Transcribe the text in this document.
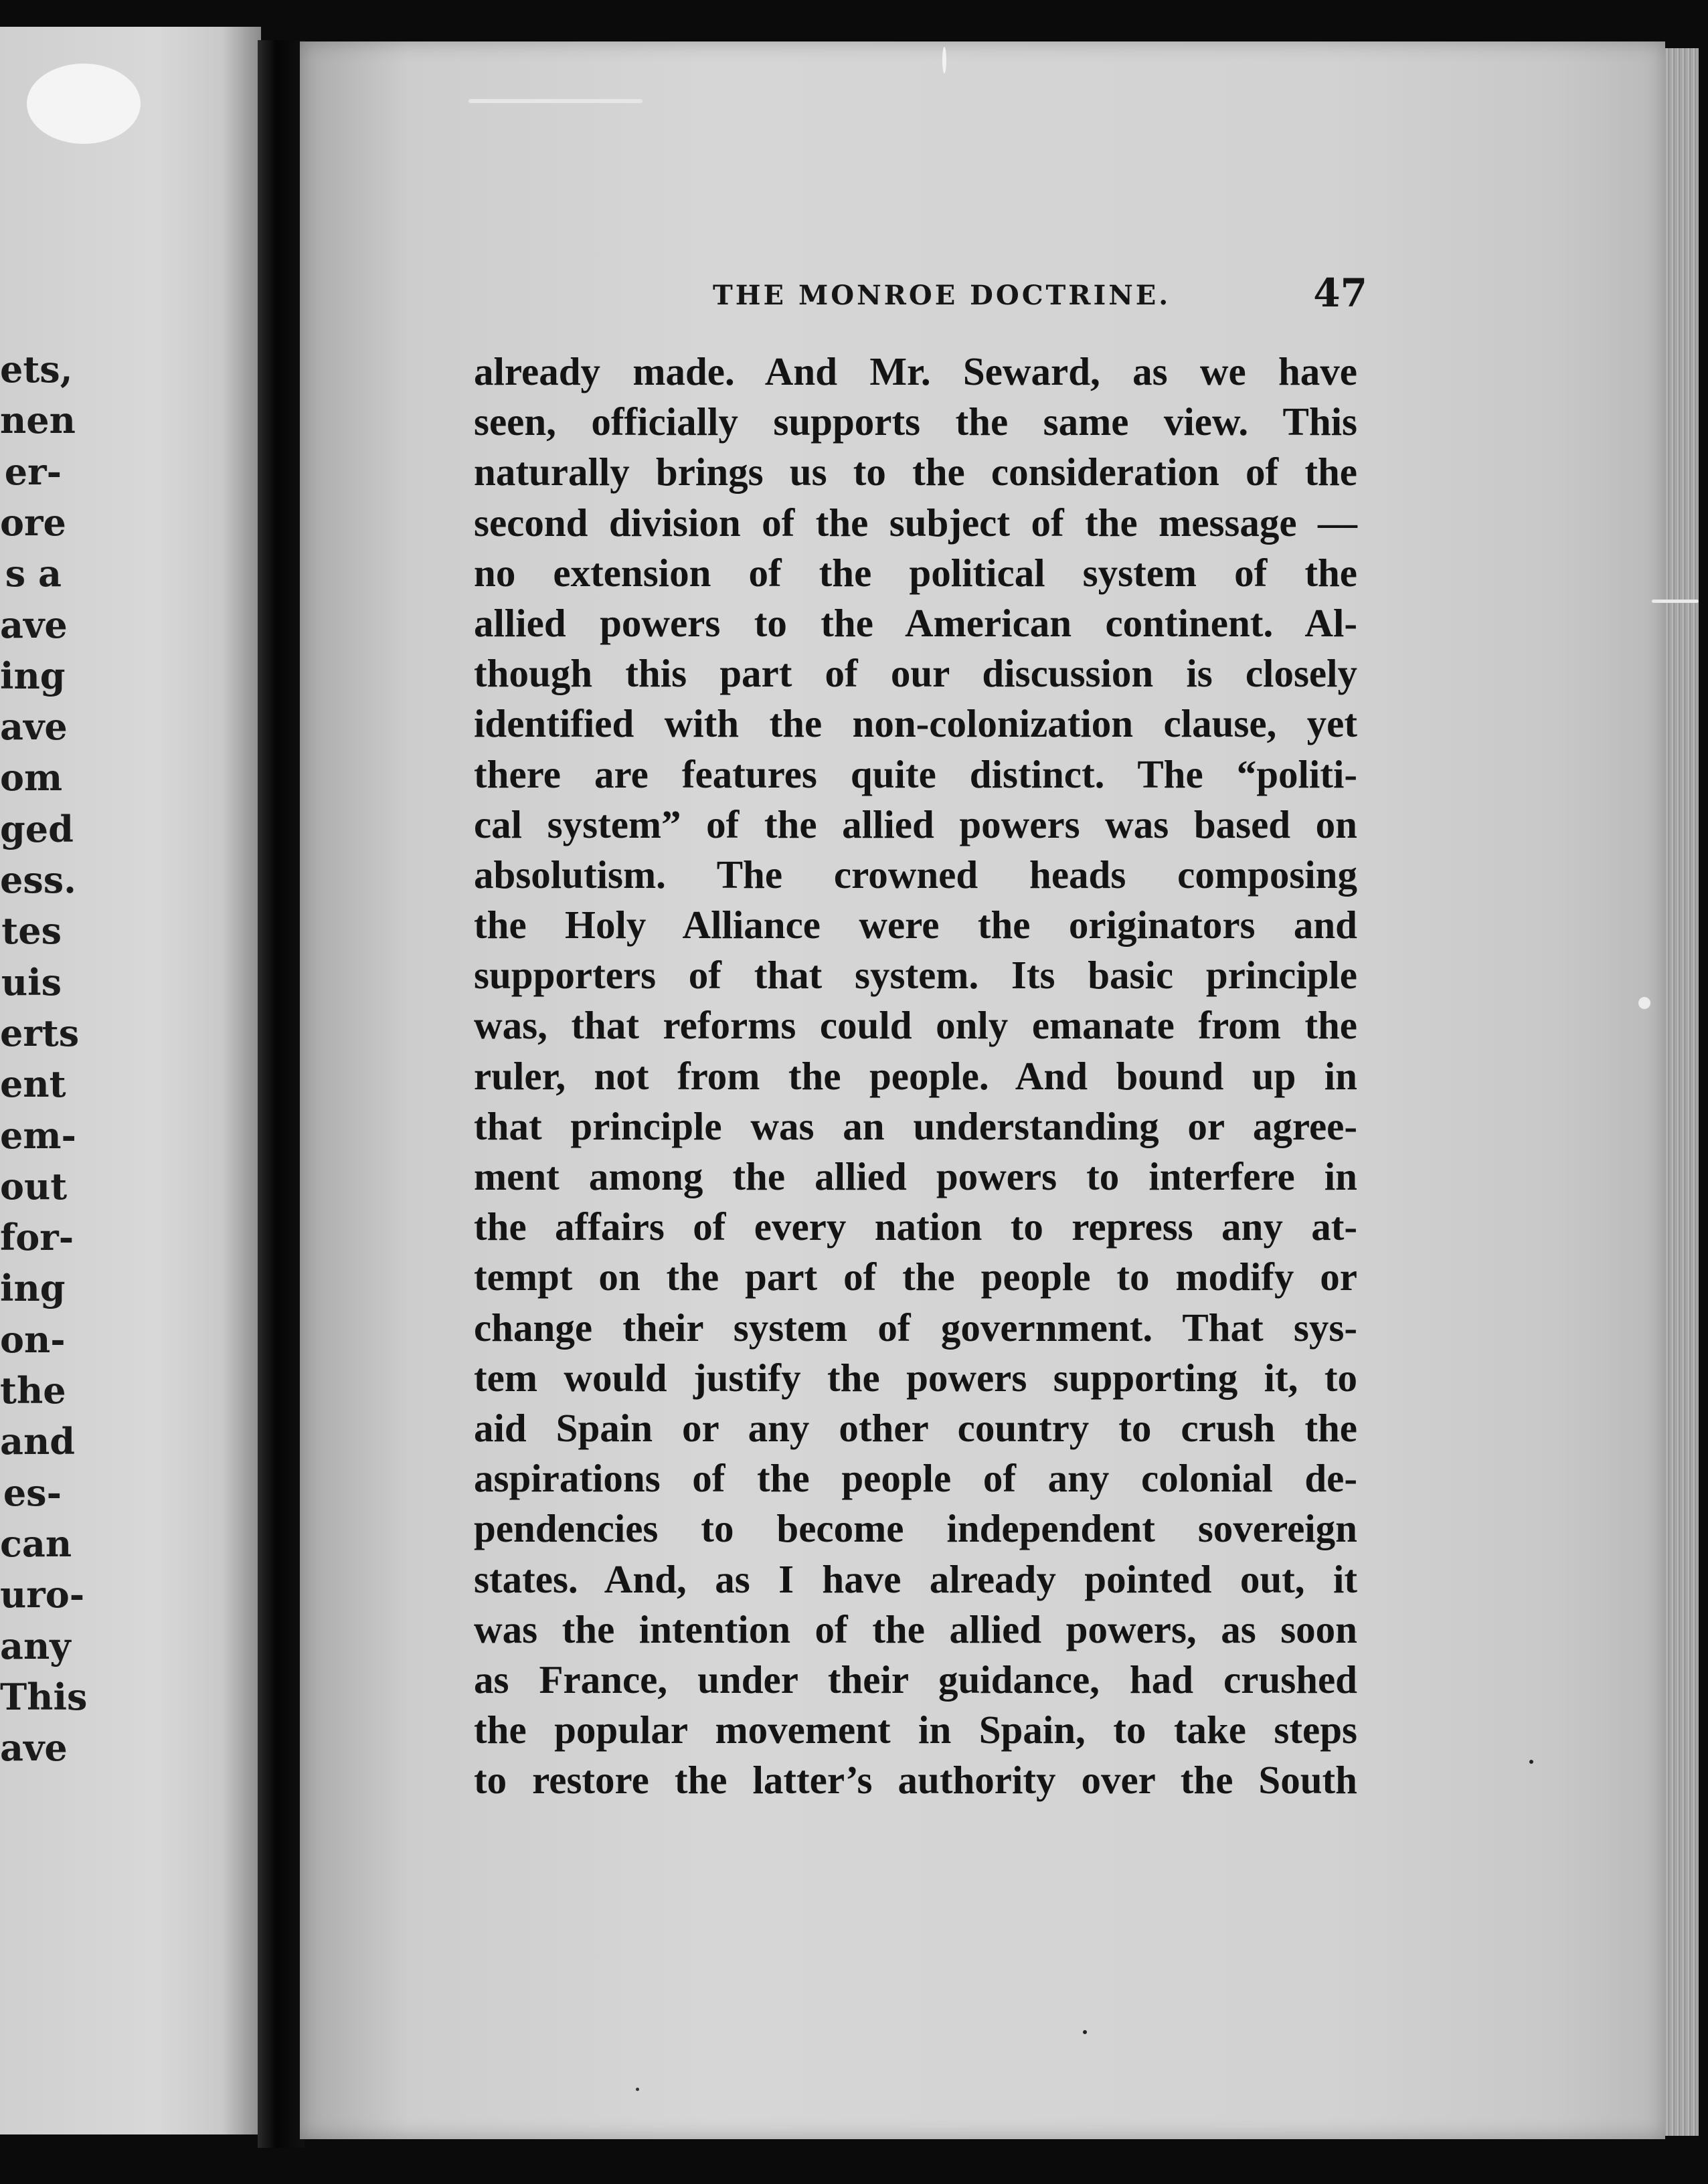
ets,
nen
er-
ore
s a
ave
ing
ave
om
ged
ess.
tes
uis
erts
ent
em-
out
for-
ing
on-
the
and
es-
can
uro-
any
This
ave
THE MONROE DOCTRINE.	47
already made. And Mr. Seward, as we have
seen, officially supports the same view. This
naturally brings us to the consideration of the
second division of the subject of the message —
no extension of the political system of the
allied powers to the American continent. Al-
though this part of our discussion is closely
identified with the non-colonization clause, yet
there are features quite distinct. The “politi-
cal system” of the allied powers was based on
absolutism. The crowned heads composing
the Holy Alliance were the originators and
supporters of that system. Its basic principle
was, that reforms could only emanate from the
ruler, not from the people. And bound up in
that principle was an understanding or agree-
ment among the allied powers to interfere in
the affairs of every nation to repress any at-
tempt on the part of the people to modify or
change their system of government. That sys-
tem would justify the powers supporting it, to
aid Spain or any other country to crush the
aspirations of the people of any colonial de-
pendencies to become independent sovereign
states. And, as I have already pointed out, it
was the intention of the allied powers, as soon
as France, under their guidance, had crushed
the popular movement in Spain, to take steps
to restore the latter’s authority over the South
